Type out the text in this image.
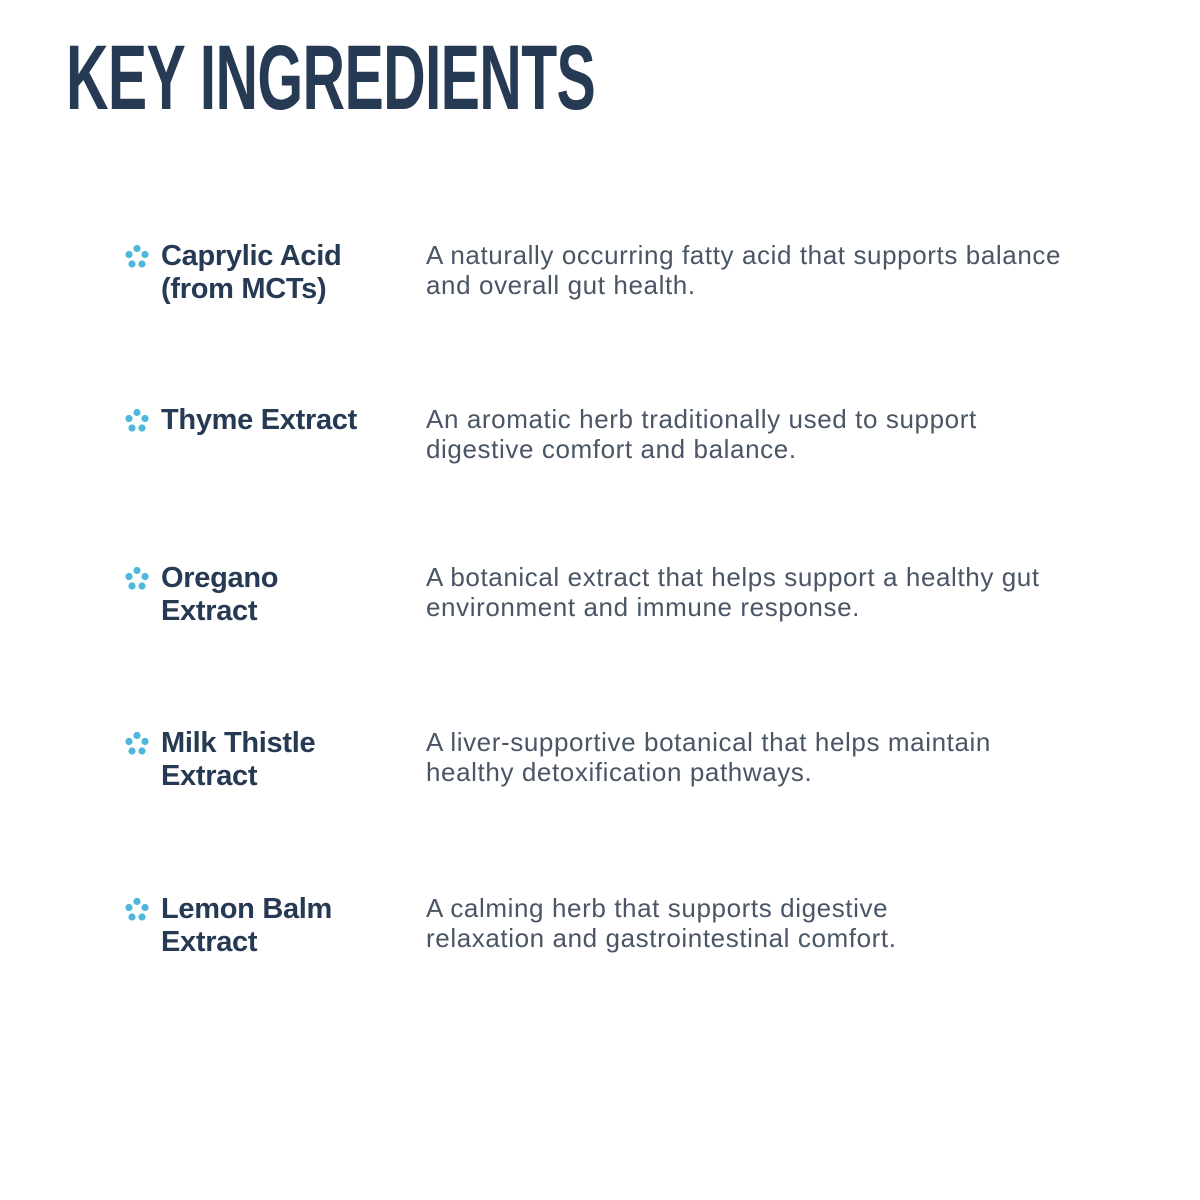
KEY INGREDIENTS
Caprylic Acid (from MCTs)
A naturally occurring fatty acid that supports balance and overall gut health.
Thyme Extract	An aromatic herb traditionally used to support digestive comfort and balance.
Oregano Extract
A botanical extract that helps support a healthy gut environment and immune response.
Milk Thistle Extract
A liver-supportive botanical that helps maintain healthy detoxification pathways.
Lemon Balm Extract
A calming herb that supports digestive relaxation and gastrointestinal comfort.
